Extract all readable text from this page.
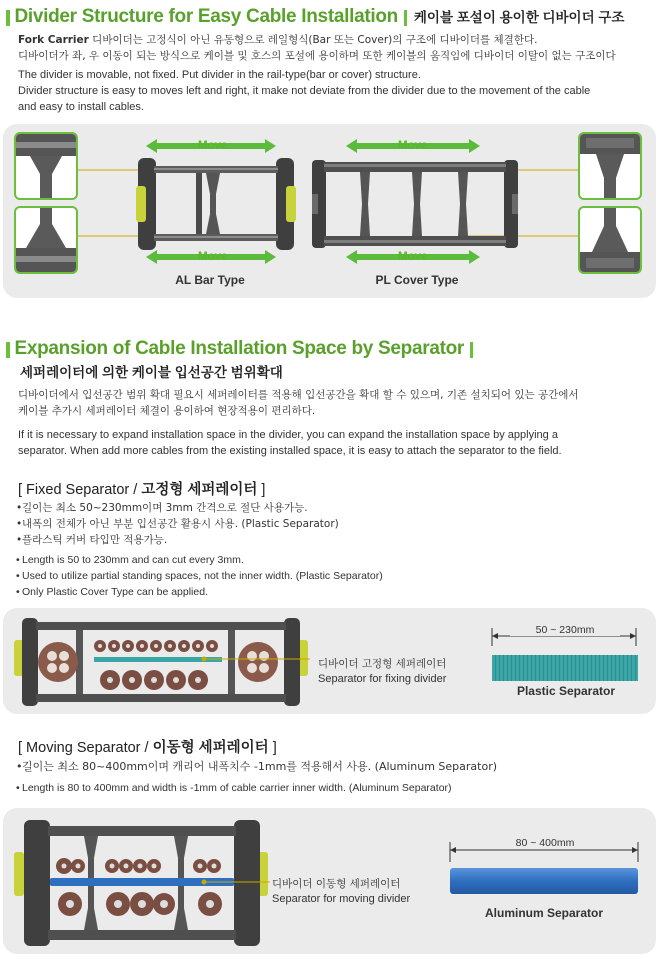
Divider Structure for Easy Cable Installation 케이블 포설이 용이한 디바이더 구조
Fork Carrier 디바이더는 고정식이 아닌 유동형으로 레일형식(Bar 또는 Cover)의 구조에 디바이더를 체결한다.
디바이더가 좌, 우 이동이 되는 방식으로 케이블 및 호스의 포설에 용이하며 또한 케이블의 움직임에 디바이더 이탈이 없는 구조이다
The divider is movable, not fixed. Put divider in the rail-type(bar or cover) structure.
Divider structure is easy to moves left and right, it make not deviate from the divider due to the movement of the cable
and easy to install cables.
Move
Move
Move
Move
AL Bar Type	PL Cover Type
Expansion of Cable Installation Space by Separator
세퍼레이터에 의한 케이블 입선공간 범위확대
디바이더에서 입선공간 범위 확대 필요시 세퍼레이터를 적용해 입선공간을 확대 할 수 있으며, 기존 설치되어 있는 공간에서
케이블 추가시 세퍼레이터 체결이 용이하여 현장적용이 편리하다.
If it is necessary to expand installation space in the divider, you can expand the installation space by applying a
separator. When add more cables from the existing installed space, it is easy to attach the separator to the field.
[ Fixed Separator / 고정형 세퍼레이터 ]
•길이는 최소 50~230mm이며 3mm 간격으로 절단 사용가능.
•내폭의 전체가 아닌 부분 입선공간 활용시 사용. (Plastic Separator)
•플라스틱 커버 타입만 적용가능.
• Length is 50 to 230mm and can cut every 3mm.
• Used to utilize partial standing spaces, not the inner width. (Plastic Separator)
• Only Plastic Cover Type can be applied.
디바이더 고정형 세퍼레이터
Separator for fixing divider
50 ~ 230mm
Plastic Separator
[ Moving Separator / 이동형 세퍼레이터 ]
•길이는 최소 80~400mm이며 캐리어 내폭치수 -1mm를 적용해서 사용. (Aluminum Separator)
• Length is 80 to 400mm and width is -1mm of cable carrier inner width. (Aluminum Separator)
디바이더 이동형 세퍼레이터
Separator for moving divider
80 ~ 400mm
Aluminum Separator
